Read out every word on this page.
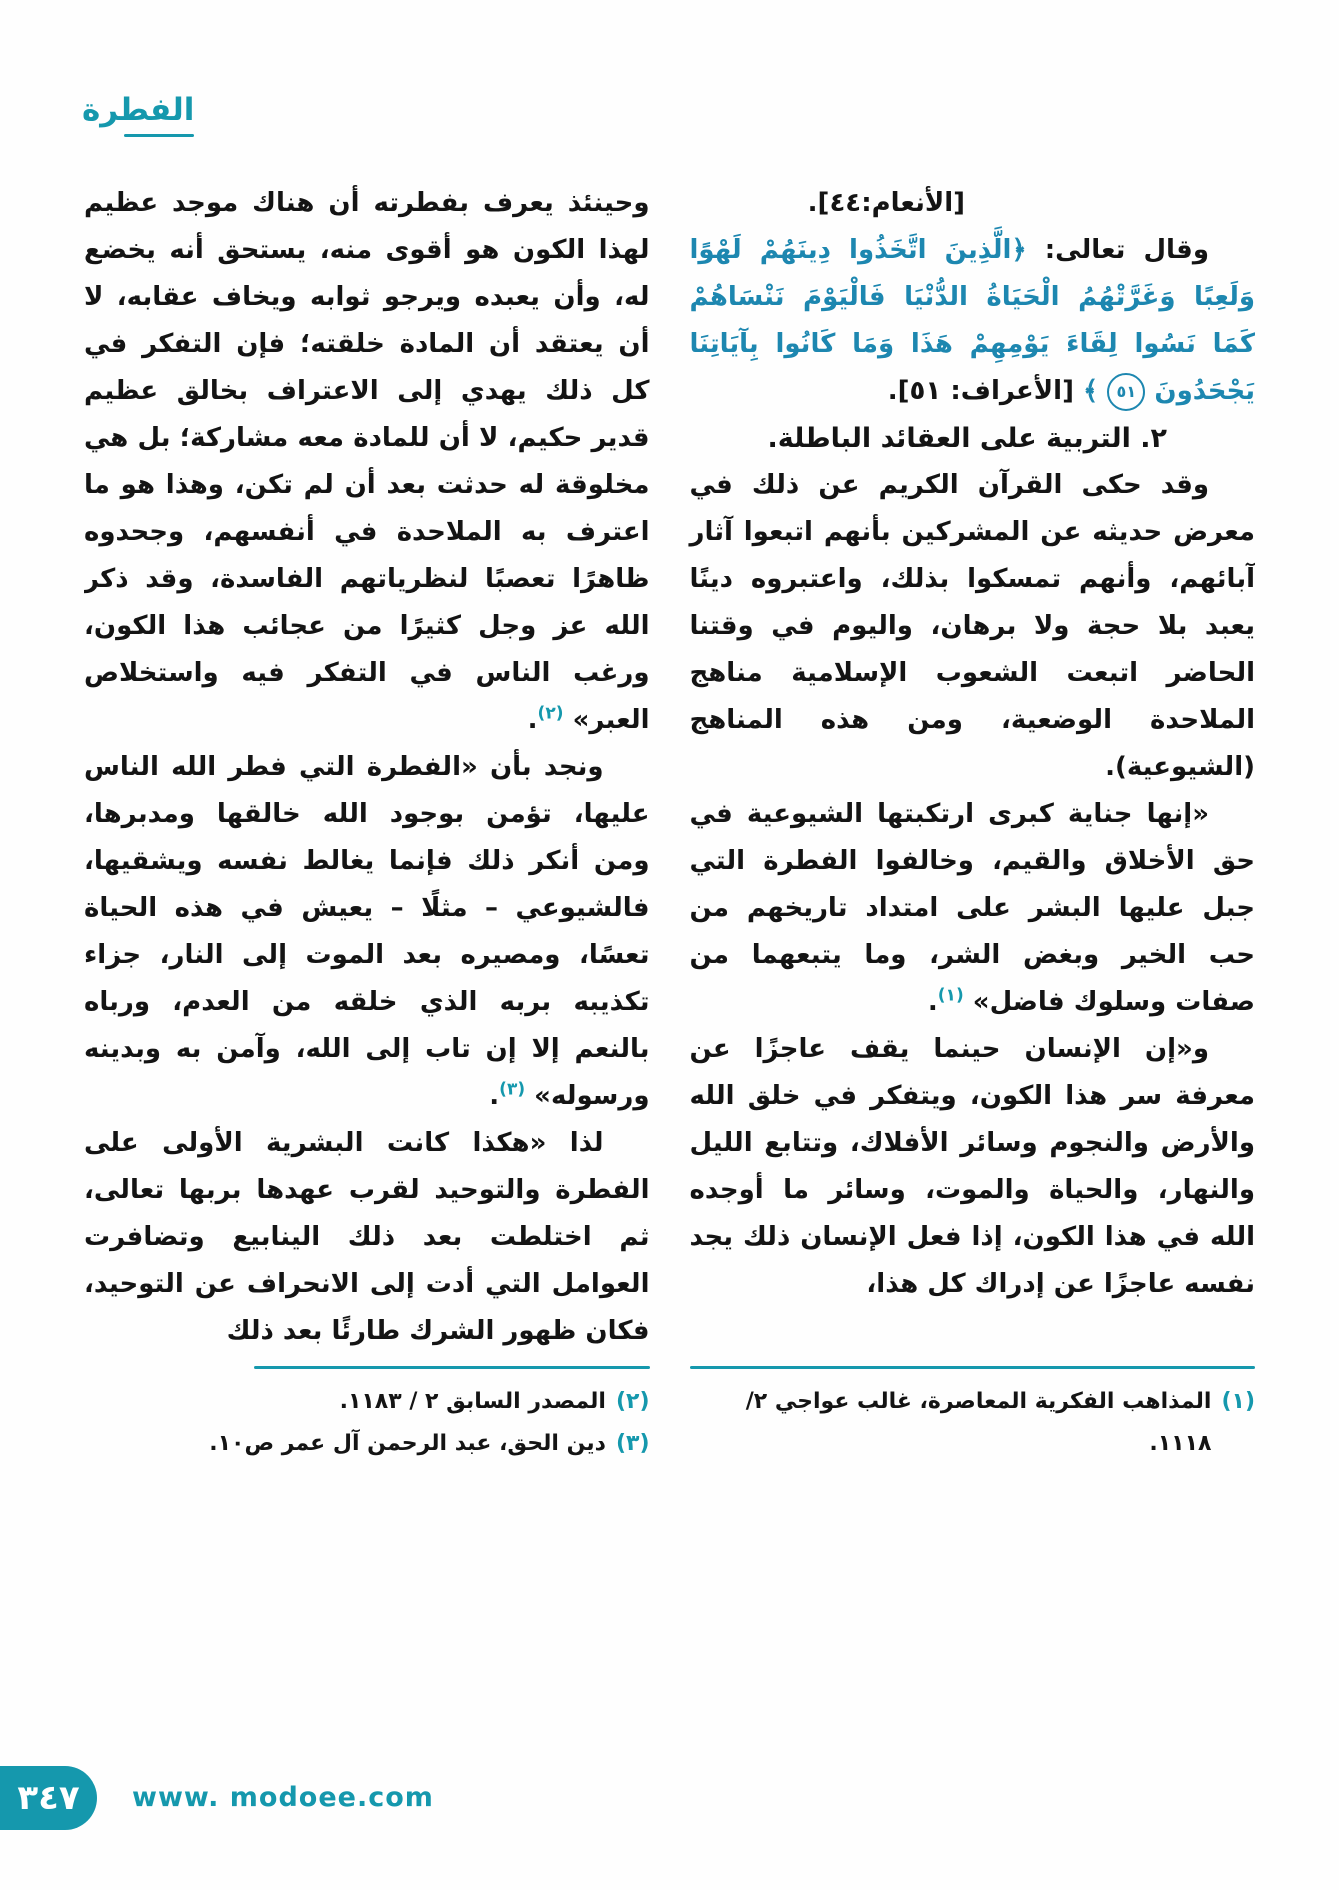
الفطرة

[الأنعام:٤٤].

وقال تعالى: ﴿الَّذِينَ اتَّخَذُوا دِينَهُمْ لَهْوًا وَلَعِبًا وَغَرَّتْهُمُ الْحَيَاةُ الدُّنْيَا فَالْيَوْمَ نَنْسَاهُمْ كَمَا نَسُوا لِقَاءَ يَوْمِهِمْ هَذَا وَمَا كَانُوا بِآيَاتِنَا يَجْحَدُونَ ٥١ ﴾ [الأعراف: ٥١].

٢. التربية على العقائد الباطلة.

وقد حكى القرآن الكريم عن ذلك في معرض حديثه عن المشركين بأنهم اتبعوا آثار آبائهم، وأنهم تمسكوا بذلك، واعتبروه دينًا يعبد بلا حجة ولا برهان، واليوم في وقتنا الحاضر اتبعت الشعوب الإسلامية مناهج الملاحدة الوضعية، ومن هذه المناهج (الشيوعية).

«إنها جناية كبرى ارتكبتها الشيوعية في حق الأخلاق والقيم، وخالفوا الفطرة التي جبل عليها البشر على امتداد تاريخهم من حب الخير وبغض الشر، وما يتبعهما من صفات وسلوك فاضل» $^{(١)}$.

و«إن الإنسان حينما يقف عاجزًا عن معرفة سر هذا الكون، ويتفكر في خلق الله والأرض والنجوم وسائر الأفلاك، وتتابع الليل والنهار، والحياة والموت، وسائر ما أوجده الله في هذا الكون، إذا فعل الإنسان ذلك يجد نفسه عاجزًا عن إدراك كل هذا،

وحينئذ يعرف بفطرته أن هناك موجد عظيم لهذا الكون هو أقوى منه، يستحق أنه يخضع له، وأن يعبده ويرجو ثوابه ويخاف عقابه، لا أن يعتقد أن المادة خلقته؛ فإن التفكر في كل ذلك يهدي إلى الاعتراف بخالق عظيم قدير حكيم، لا أن للمادة معه مشاركة؛ بل هي مخلوقة له حدثت بعد أن لم تكن، وهذا هو ما اعترف به الملاحدة في أنفسهم، وجحدوه ظاهرًا تعصبًا لنظرياتهم الفاسدة، وقد ذكر الله عز وجل كثيرًا من عجائب هذا الكون، ورغب الناس في التفكر فيه واستخلاص العبر» $^{(٢)}$.

ونجد بأن «الفطرة التي فطر الله الناس عليها، تؤمن بوجود الله خالقها ومدبرها، ومن أنكر ذلك فإنما يغالط نفسه ويشقيها، فالشيوعي – مثلًا – يعيش في هذه الحياة تعسًا، ومصيره بعد الموت إلى النار، جزاء تكذيبه بربه الذي خلقه من العدم، ورباه بالنعم إلا إن تاب إلى الله، وآمن به وبدينه ورسوله» $^{(٣)}$.

لذا «هكذا كانت البشرية الأولى على الفطرة والتوحيد لقرب عهدها بربها تعالى، ثم اختلطت بعد ذلك الينابيع وتضافرت العوامل التي أدت إلى الانحراف عن التوحيد، فكان ظهور الشرك طارئًا بعد ذلك

(١)
المذاهب الفكرية المعاصرة، غالب عواجي ٢/ ١١١٨.
(٢)
المصدر السابق ٢ / ١١٨٣.
(٣)
دين الحق، عبد الرحمن آل عمر ص١٠.
٣٤٧ www. modoee.com
